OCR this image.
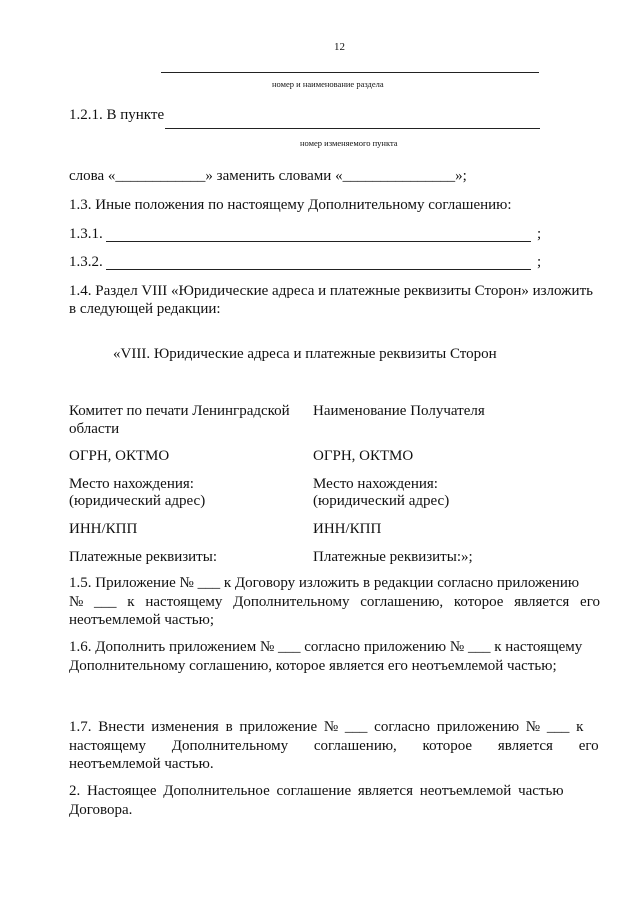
12
номер и наименование раздела
1.2.1. В пункте
номер изменяемого пункта
слова «____________» заменить словами «_______________»;
1.3. Иные положения по настоящему Дополнительному соглашению:
1.3.1.	;
1.3.2.	;
1.4. Раздел VIII «Юридические адреса и платежные реквизиты Сторон» изложить
в следующей редакции:
«VIII. Юридические адреса и платежные реквизиты Сторон
Комитет по печати Ленинградской
области
ОГРН, ОКТМО
Место нахождения:
(юридический адрес)
ИНН/КПП
Платежные реквизиты:
Наименование Получателя
ОГРН, ОКТМО
Место нахождения:
(юридический адрес)
ИНН/КПП
Платежные реквизиты:»;
1.5. Приложение № ___ к Договору изложить в редакции согласно приложению
№ ___ к настоящему Дополнительному соглашению, которое является его
неотъемлемой частью;
1.6. Дополнить приложением № ___ согласно приложению № ___ к настоящему
Дополнительному соглашению, которое является его неотъемлемой частью;
1.7. Внести изменения в приложение № ___ согласно приложению № ___ к
настоящему Дополнительному соглашению, которое является его
неотъемлемой частью.
2. Настоящее Дополнительное соглашение является неотъемлемой частью
Договора.
